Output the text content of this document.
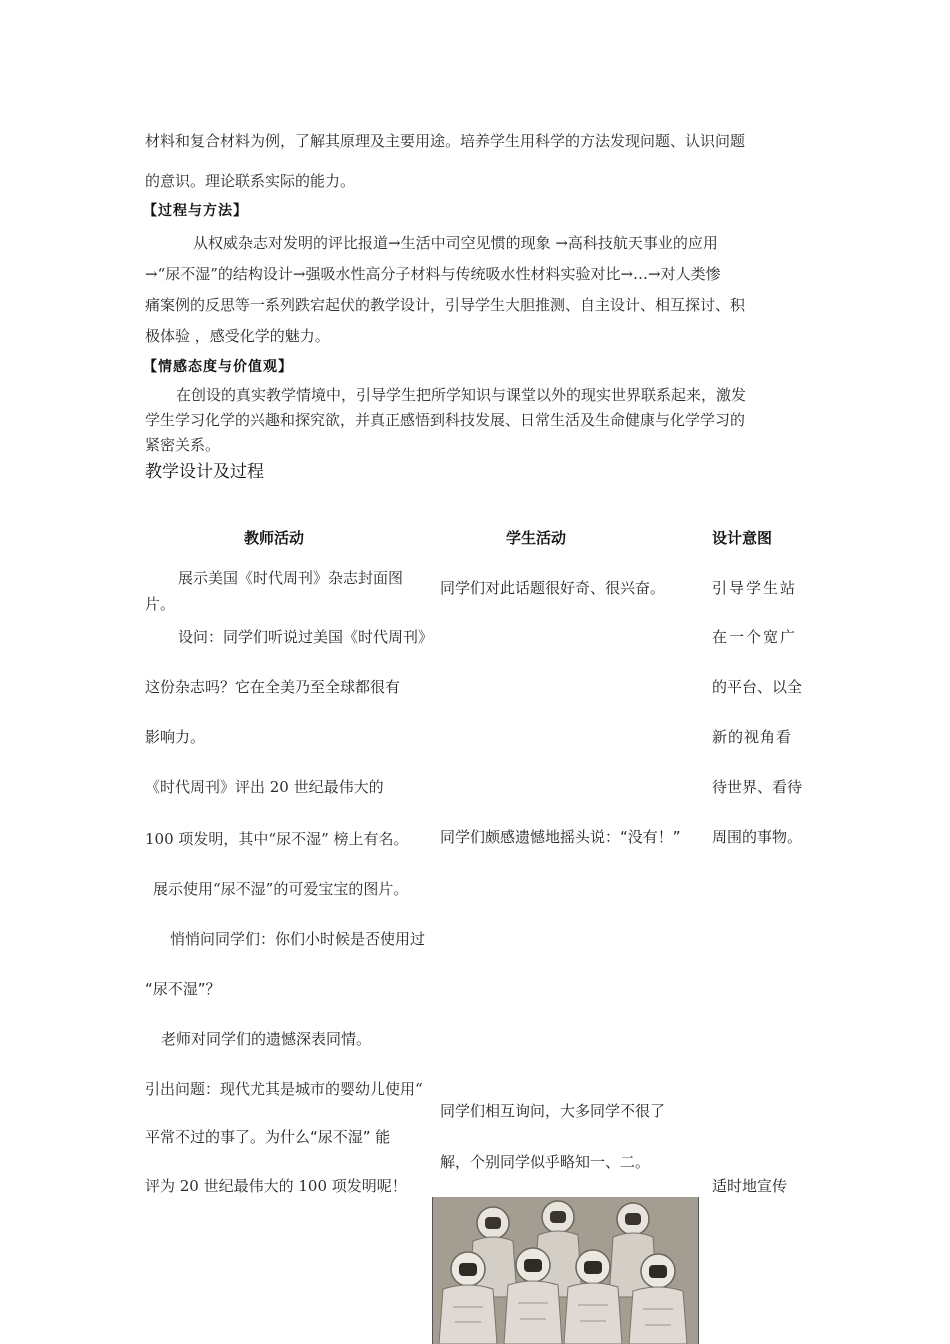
材料和复合材料为例，了解其原理及主要用途。培养学生用科学的方法发现问题、认识问题
的意识。理论联系实际的能力。
【过程与方法】
从权威杂志对发明的评比报道→生活中司空见惯的现象 →高科技航天事业的应用
→“尿不湿”的结构设计→强吸水性高分子材料与传统吸水性材料实验对比→…→对人类惨
痛案例的反思等一系列跌宕起伏的教学设计，引导学生大胆推测、自主设计、相互探讨、积
极体验 ，感受化学的魅力。
【情感态度与价值观】
在创设的真实教学情境中，引导学生把所学知识与课堂以外的现实世界联系起来，激发
学生学习化学的兴趣和探究欲，并真正感悟到科技发展、日常生活及生命健康与化学学习的
紧密关系。
教学设计及过程
教师活动	学生活动	设计意图
展示美国《时代周刊》杂志封面图
片。
设问：同学们听说过美国《时代周刊》
这份杂志吗？它在全美乃至全球都很有
影响力。
《时代周刊》评出 20 世纪最伟大的
100 项发明，其中“尿不湿” 榜上有名。
展示使用“尿不湿”的可爱宝宝的图片。
悄悄问同学们：你们小时候是否使用过
“尿不湿”？
老师对同学们的遗憾深表同情。
引出问题：现代尤其是城市的婴幼儿使用“
平常不过的事了。为什么“尿不湿” 能
评为 20 世纪最伟大的 100 项发明呢！
同学们对此话题很好奇、很兴奋。
同学们颇感遗憾地摇头说：“没有！”
同学们相互询问，大多同学不很了
解，个别同学似乎略知一、二。
引导学生站
在一个宽广
的平台、以全
新的视角看
待世界、看待
周围的事物。
适时地宣传
